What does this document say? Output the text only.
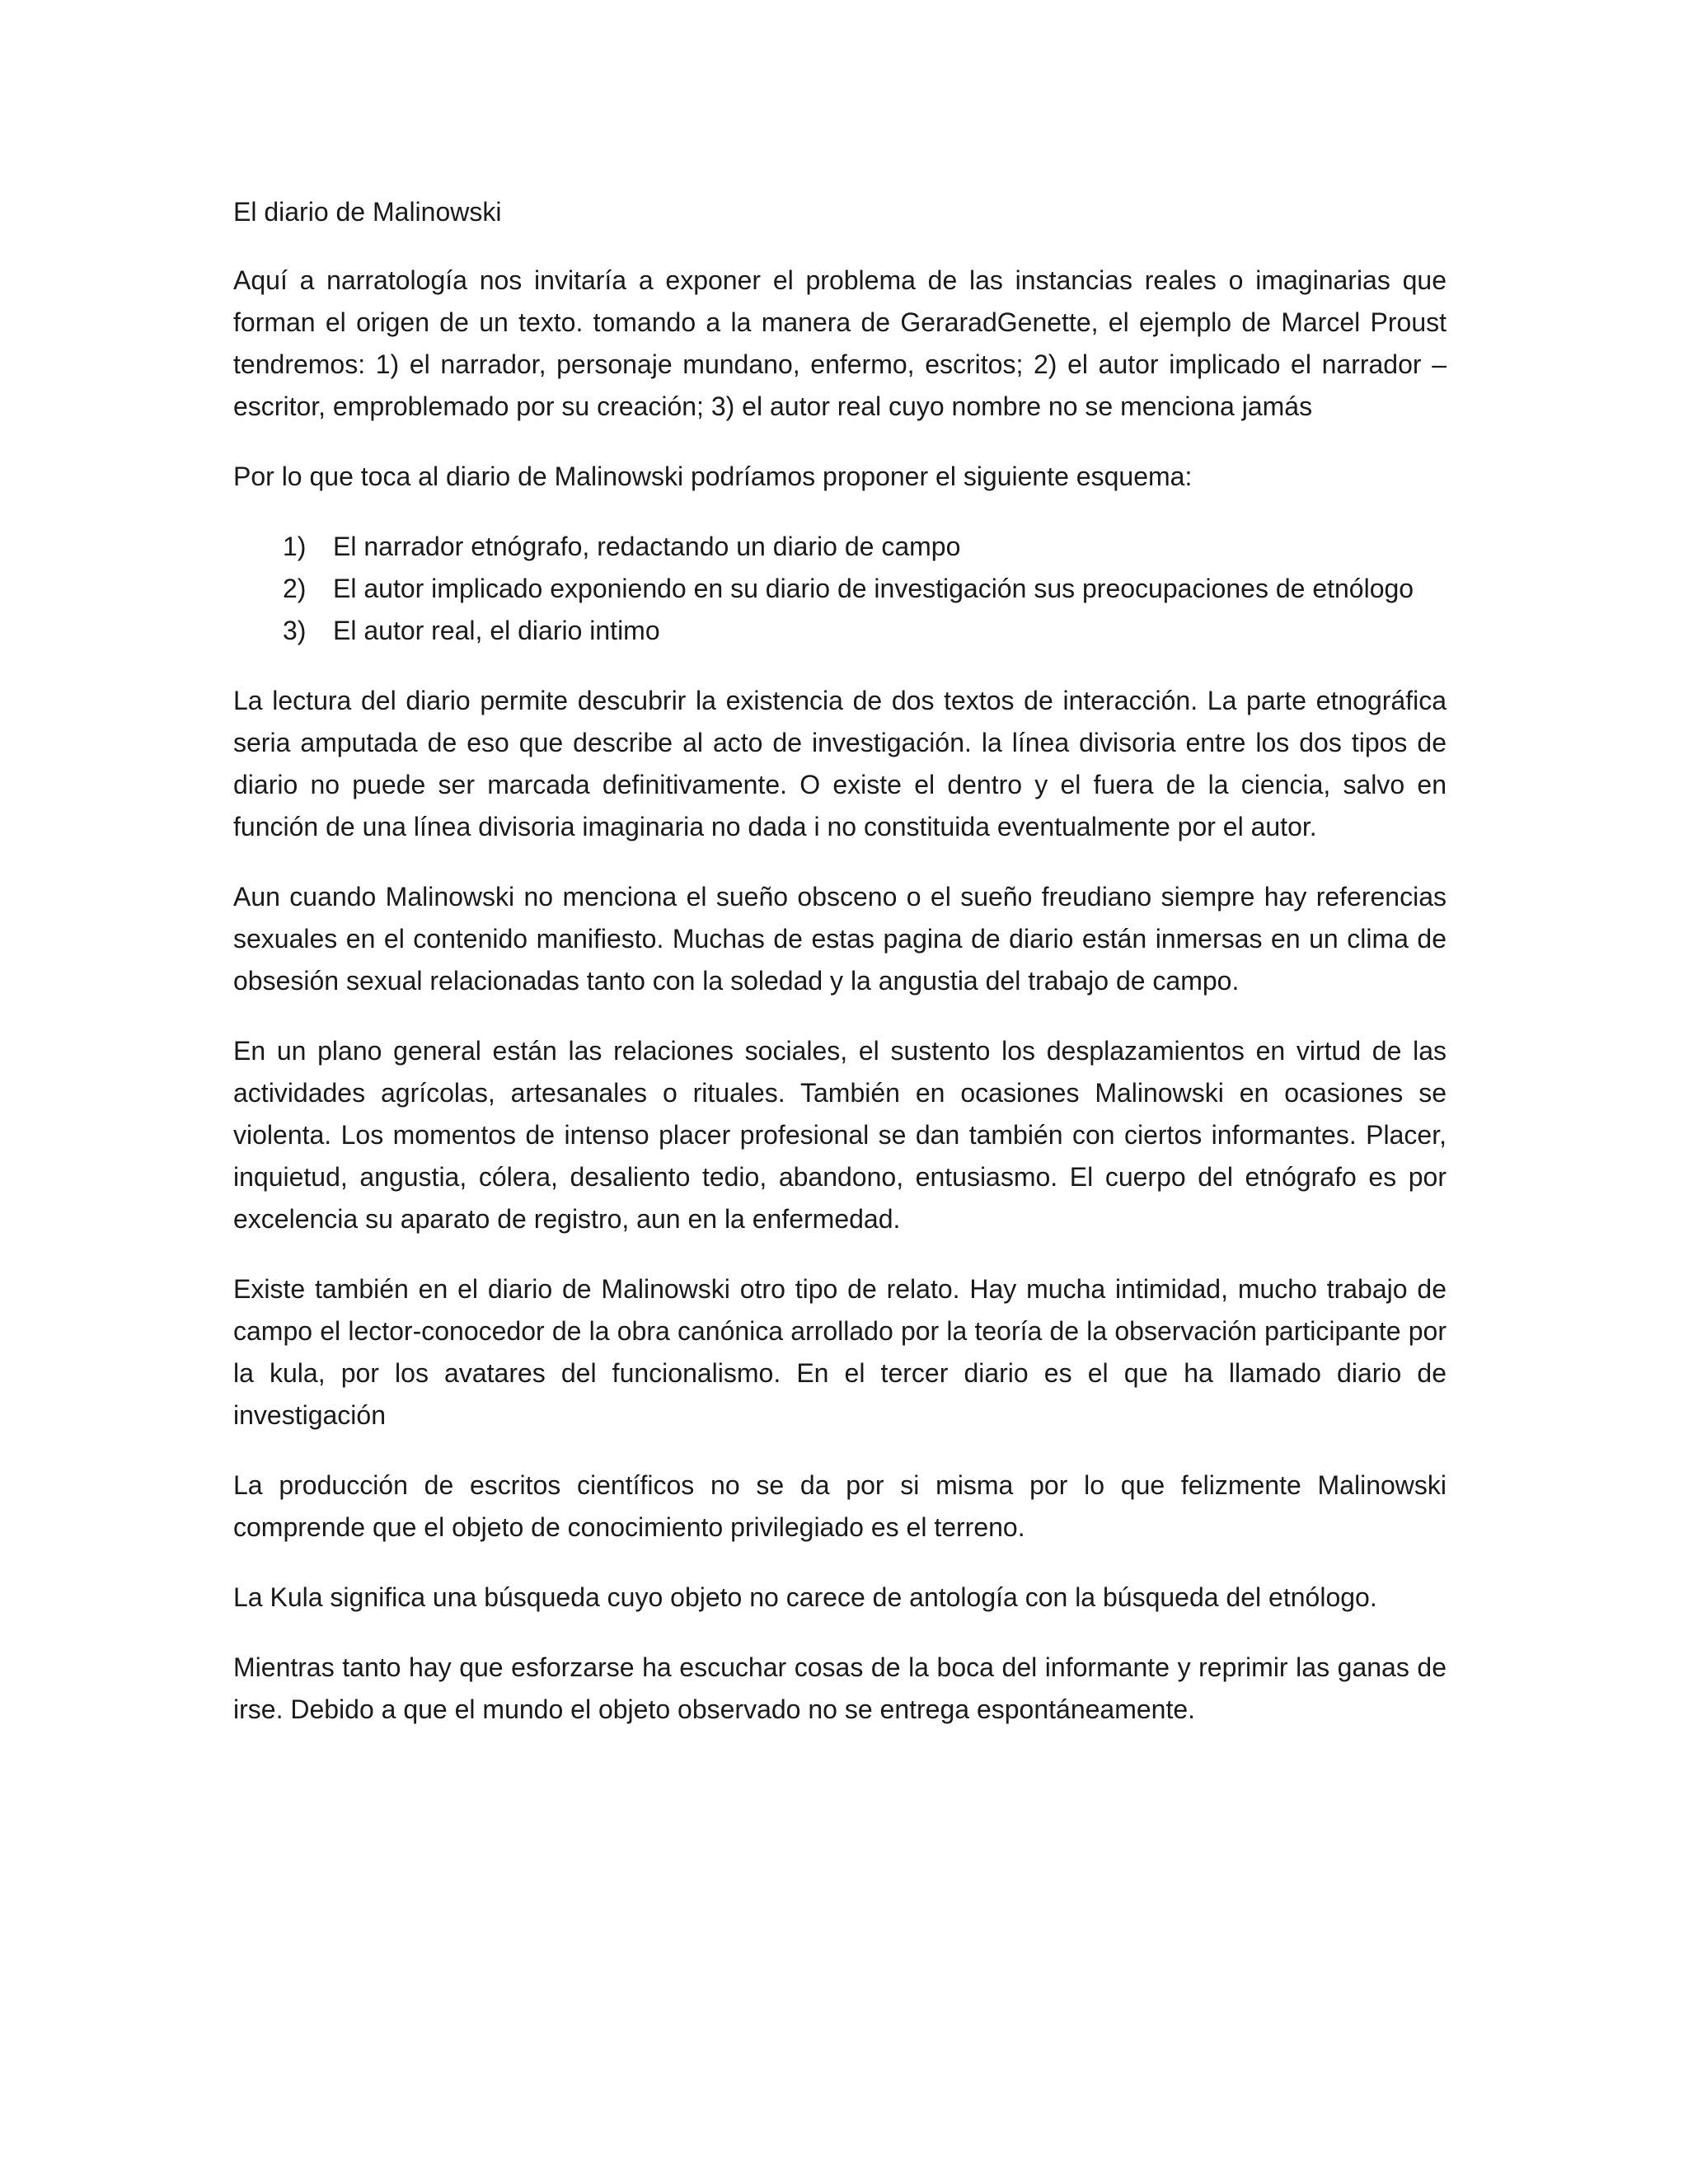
El diario de Malinowski

Aquí a narratología nos invitaría a exponer el problema de las instancias reales o imaginarias que forman el origen de un texto. tomando a la manera de GeraradGenette, el ejemplo de Marcel Proust tendremos: 1) el narrador, personaje mundano, enfermo, escritos; 2) el autor implicado el narrador – escritor, emproblemado por su creación; 3) el autor real cuyo nombre no se menciona jamás

Por lo que toca al diario de Malinowski podríamos proponer el siguiente esquema:

1)	El narrador etnógrafo, redactando un diario de campo
2)	El autor implicado exponiendo en su diario de investigación sus preocupaciones de etnólogo
3)	El autor real, el diario intimo

La lectura del diario permite descubrir la existencia de dos textos de interacción. La parte etnográfica seria amputada de eso que describe al acto de investigación. la línea divisoria entre los dos tipos de diario no puede ser marcada definitivamente. O existe el dentro y el fuera de la ciencia, salvo en función de una línea divisoria imaginaria no dada i no constituida eventualmente por el autor.

Aun cuando Malinowski no menciona el sueño obsceno o el sueño freudiano siempre hay referencias sexuales en el contenido manifiesto. Muchas de estas pagina de diario están inmersas en un clima de obsesión sexual relacionadas tanto con la soledad y la angustia del trabajo de campo.

En un plano general están las relaciones sociales, el sustento los desplazamientos en virtud de las actividades agrícolas, artesanales o rituales. También en ocasiones Malinowski en ocasiones se violenta. Los momentos de intenso placer profesional se dan también con ciertos informantes. Placer, inquietud, angustia, cólera, desaliento tedio, abandono, entusiasmo. El cuerpo del etnógrafo es por excelencia su aparato de registro, aun en la enfermedad.

Existe también en el diario de Malinowski otro tipo de relato. Hay mucha intimidad, mucho trabajo de campo el lector-conocedor de la obra canónica arrollado por la teoría de la observación participante por la kula, por los avatares del funcionalismo. En el tercer diario es el que ha llamado diario de investigación

La producción de escritos científicos no se da por si misma por lo que felizmente Malinowski comprende que el objeto de conocimiento privilegiado es el terreno.

La Kula significa una búsqueda cuyo objeto no carece de antología con la búsqueda del etnólogo.

Mientras tanto hay que esforzarse ha escuchar cosas de la boca del informante y reprimir las ganas de irse. Debido a que el mundo el objeto observado no se entrega espontáneamente.
